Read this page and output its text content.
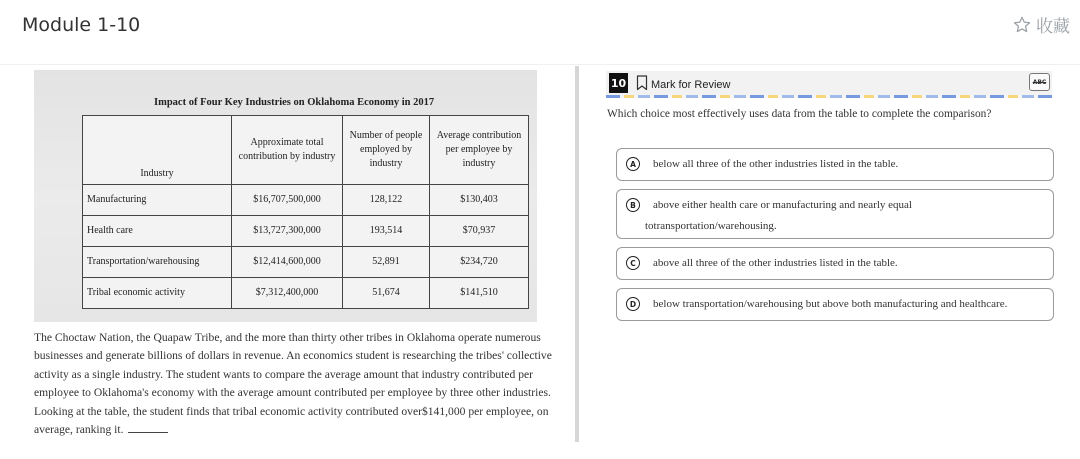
Module 1-10	收藏
Impact of Four Key Industries on Oklahoma Economy in 2017
Industry	Approximate total contribution by industry	Number of people employed by industry	Average contribution per employee by industry
Manufacturing	$16,707,500,000	128,122	$130,403
Health care	$13,727,300,000	193,514	$70,937
Transportation/warehousing	$12,414,600,000	52,891	$234,720
Tribal economic activity	$7,312,400,000	51,674	$141,510
The Choctaw Nation, the Quapaw Tribe, and the more than thirty other tribes in Oklahoma operate numerous businesses and generate billions of dollars in revenue. An economics student is researching the tribes' collective activity as a single industry. The student wants to compare the average amount that industry contributed per employee to Oklahoma's economy with the average amount contributed per employee by three other industries. Looking at the table, the student finds that tribal economic activity contributed over$141,000 per employee, on average, ranking it.
10 Mark for Review	ABC
Which choice most effectively uses data from the table to complete the comparison?
A	below all three of the other industries listed in the table.
B	above either health care or manufacturing and nearly equal
totransportation/warehousing.
C	above all three of the other industries listed in the table.
D	below transportation/warehousing but above both manufacturing and healthcare.
